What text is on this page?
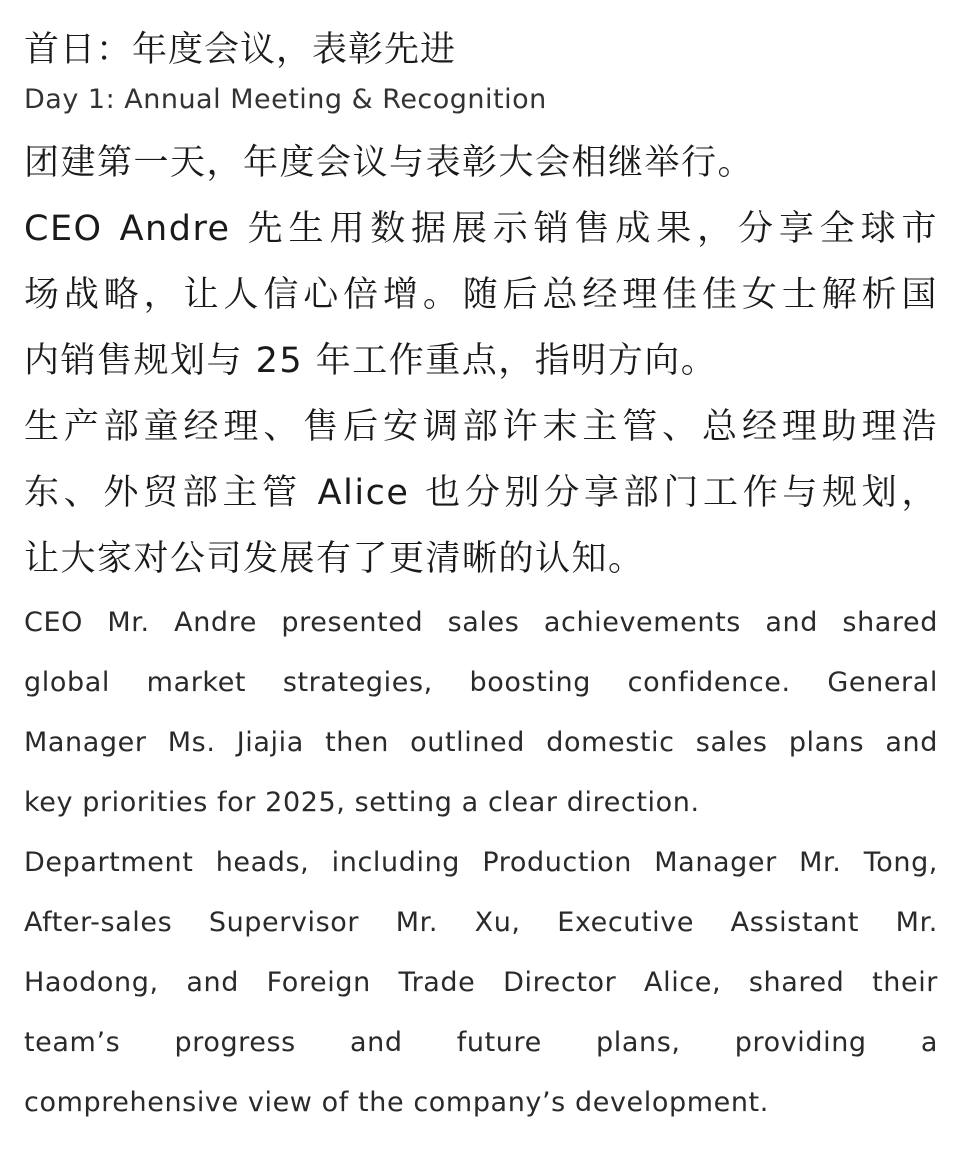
首日：年度会议，表彰先进
Day 1: Annual Meeting & Recognition
团建第一天，年度会议与表彰大会相继举行。
CEO Andre 先生用数据展示销售成果，分享全球市
场战略，让人信心倍增。随后总经理佳佳女士解析国
内销售规划与 25 年工作重点，指明方向。
生产部童经理、售后安调部许末主管、总经理助理浩
东、外贸部主管 Alice 也分别分享部门工作与规划，
让大家对公司发展有了更清晰的认知。
CEO Mr. Andre presented sales achievements and shared
global market strategies, boosting confidence. General
Manager Ms. Jiajia then outlined domestic sales plans and
key priorities for 2025, setting a clear direction.
Department heads, including Production Manager Mr. Tong,
After-sales Supervisor Mr. Xu, Executive Assistant Mr.
Haodong, and Foreign Trade Director Alice, shared their
team’s progress and future plans, providing a
comprehensive view of the company’s development.
